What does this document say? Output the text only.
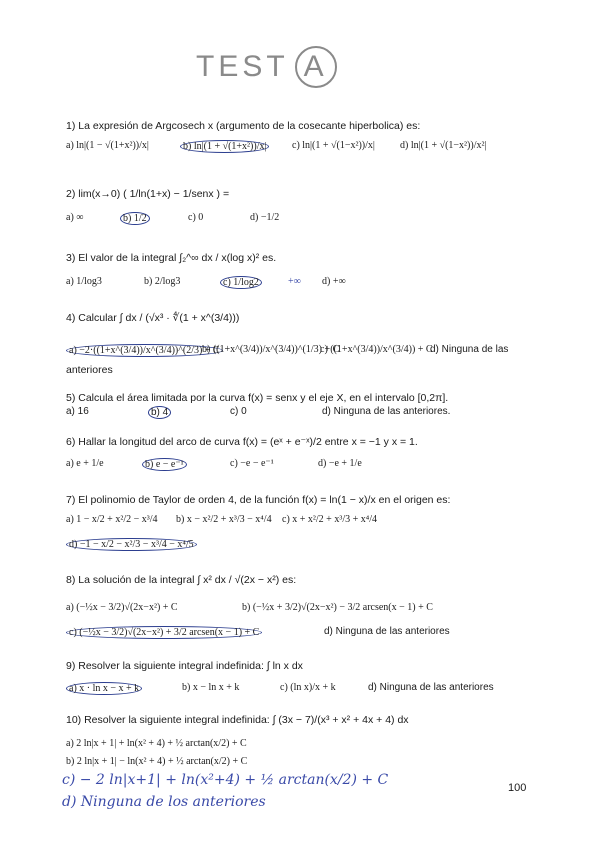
TEST A
1) La expresión de Argcosech x (argumento de la cosecante hiperbolica) es:
a) ln|(1 − √(1+x²))/x|	b) ln|(1 + √(1+x²))/x|	c) ln|(1 + √(1−x²))/x|	d) ln|(1 + √(1−x²))/x²|
2) lim(x→0) ( 1/ln(1+x) − 1/senx ) =
a) ∞	b) 1/2	c) 0	d) −1/2
3) El valor de la integral ∫₂^∞ dx / x(log x)² es.
a) 1/log3	b) 2/log3	c) 1/log2	+∞ d) +∞
4) Calcular ∫ dx / (√x³ · ∜(1 + x^(3/4)))
a) −2·((1+x^(3/4))/x^(3/4))^(2/3) + C
b) ((1+x^(3/4))/x^(3/4))^(1/3) + C
c) ((1+x^(3/4))/x^(3/4)) + C
d) Ninguna de las
anteriores
5) Calcula el área limitada por la curva f(x) = senx y el eje X, en el intervalo [0,2π].
a) 16	b) 4	c) 0	d) Ninguna de las anteriores.
6) Hallar la longitud del arco de curva f(x) = (eˣ + e⁻ˣ)/2 entre x = −1 y x = 1.
a) e + 1/e	b) e − e⁻¹	c) −e − e⁻¹	d) −e + 1/e
7) El polinomio de Taylor de orden 4, de la función f(x) = ln(1 − x)/x en el origen es:
a) 1 − x/2 + x²/2 − x³/4 b) x − x²/2 + x³/3 − x⁴/4 c) x + x²/2 + x³/3 + x⁴/4
d) −1 − x/2 − x²/3 − x³/4 − x⁴/5
8) La solución de la integral ∫ x² dx / √(2x − x²) es:
a) (−½x − 3/2)√(2x−x²) + C	b) (−½x + 3/2)√(2x−x²) − 3/2 arcsen(x − 1) + C
c) (−½x − 3/2)√(2x−x²) + 3/2 arcsen(x − 1) + C	d) Ninguna de las anteriores
9) Resolver la siguiente integral indefinida: ∫ ln x dx
a) x · ln x − x + k	b) x − ln x + k	c) (ln x)/x + k	d) Ninguna de las anteriores
10) Resolver la siguiente integral indefinida: ∫ (3x − 7)/(x³ + x² + 4x + 4) dx
a) 2 ln|x + 1| + ln(x² + 4) + ½ arctan(x/2) + C
b) 2 ln|x + 1| − ln(x² + 4) + ½ arctan(x/2) + C
c) − 2 ln|x+1| + ln(x²+4) + ½ arctan(x/2) + C
d) Ninguna de los anteriores
100
